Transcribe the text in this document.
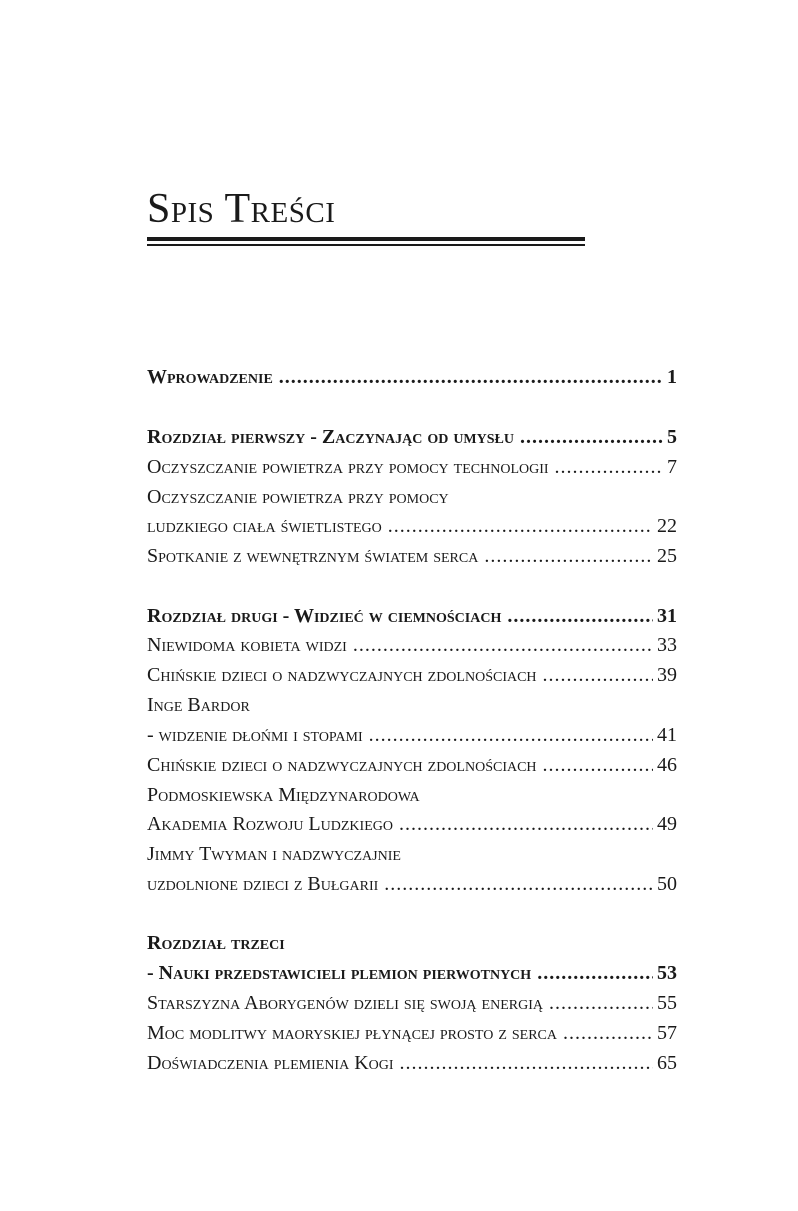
Spis Treści
Wprowadzenie .....	1
Rozdział pierwszy - Zaczynając od umysłu .....	5
Oczyszczanie powietrza przy pomocy technologii .....	7
Oczyszczanie powietrza przy pomocy
ludzkiego ciała świetlistego .....	22
Spotkanie z wewnętrznym światem serca .....	25
Rozdział drugi - Widzieć w ciemnościach .....	31
Niewidoma kobieta widzi .....	33
Chińskie dzieci o nadzwyczajnych zdolnościach .....	39
Inge Bardor
- widzenie dłońmi i stopami .....	41
Chińskie dzieci o nadzwyczajnych zdolnościach .....	46
Podmoskiewska Międzynarodowa
Akademia Rozwoju Ludzkiego .....	49
Jimmy Twyman i nadzwyczajnie
uzdolnione dzieci z Bułgarii .....	50
Rozdział trzeci
- Nauki przedstawicieli plemion pierwotnych .....	53
Starszyzna Aborygenów dzieli się swoją energią .....	55
Moc modlitwy maoryskiej płynącej prosto z serca .....	57
Doświadczenia plemienia Kogi .....	65
